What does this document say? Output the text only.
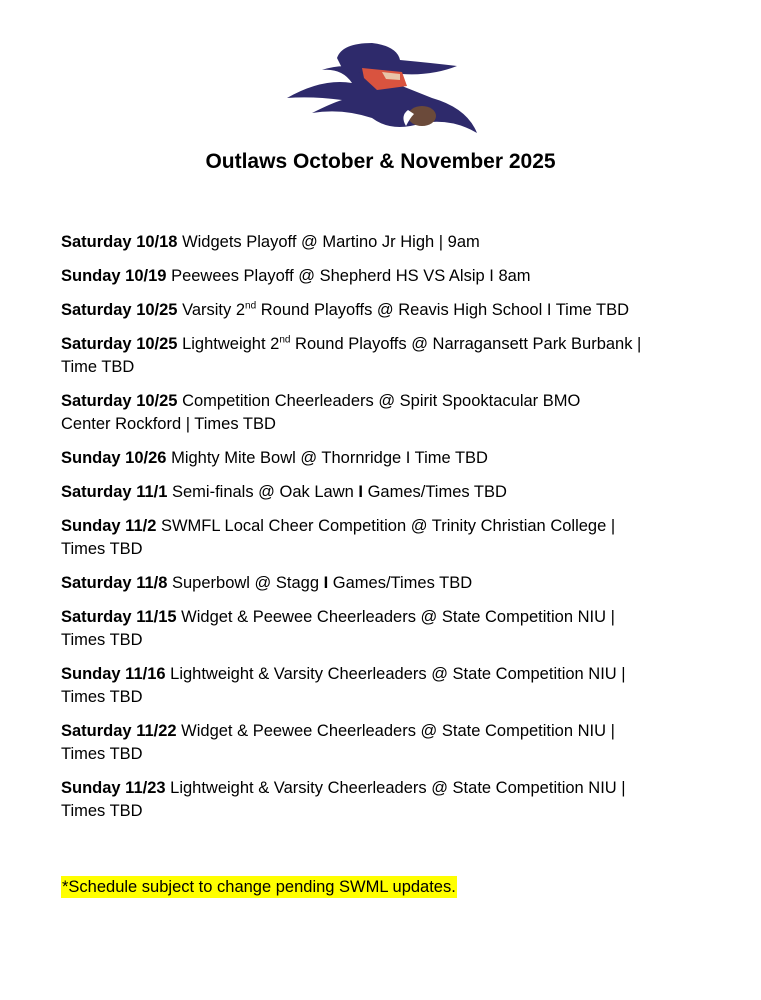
Outlaws October & November 2025
Saturday 10/18 Widgets Playoff @ Martino Jr High | 9am
Sunday 10/19 Peewees Playoff @ Shepherd HS VS Alsip I 8am
Saturday 10/25 Varsity 2nd Round Playoffs @ Reavis High School I Time TBD
Saturday 10/25 Lightweight 2nd Round Playoffs @ Narragansett Park Burbank |
Time TBD
Saturday 10/25 Competition Cheerleaders @ Spirit Spooktacular BMO
Center Rockford | Times TBD
Sunday 10/26 Mighty Mite Bowl @ Thornridge I Time TBD
Saturday 11/1 Semi-finals @ Oak Lawn I Games/Times TBD
Sunday 11/2 SWMFL Local Cheer Competition @ Trinity Christian College |
Times TBD
Saturday 11/8 Superbowl @ Stagg I Games/Times TBD
Saturday 11/15 Widget & Peewee Cheerleaders @ State Competition NIU |
Times TBD
Sunday 11/16 Lightweight & Varsity Cheerleaders @ State Competition NIU |
Times TBD
Saturday 11/22 Widget & Peewee Cheerleaders @ State Competition NIU |
Times TBD
Sunday 11/23 Lightweight & Varsity Cheerleaders @ State Competition NIU |
Times TBD
*Schedule subject to change pending SWML updates.
